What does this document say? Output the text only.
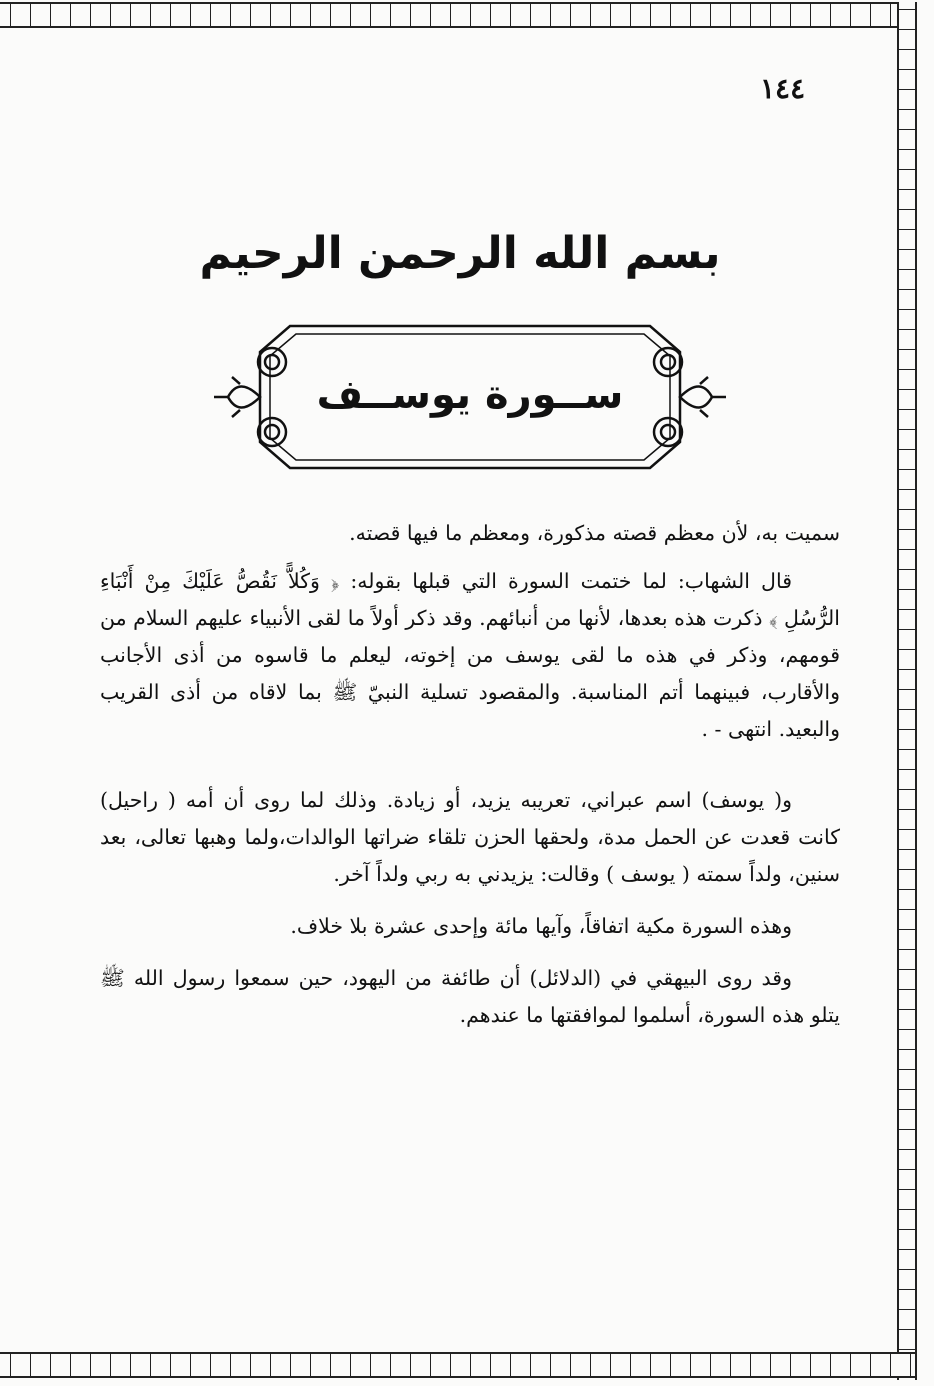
١٤٤
بسم الله الرحمن الرحيم
ســورة يوســف
سميت به، لأن معظم قصته مذكورة، ومعظم ما فيها قصته.
قال الشهاب: لما ختمت السورة التي قبلها بقوله: ﴿ وَكُلاًّ نَقُصُّ عَلَيْكَ مِنْ أَنْبَاءِ الرُّسُلِ ﴾ ذكرت هذه بعدها، لأنها من أنبائهم. وقد ذكر أولاً ما لقى الأنبياء عليهم السلام من قومهم، وذكر في هذه ما لقى يوسف من إخوته، ليعلم ما قاسوه من أذى الأجانب والأقارب، فبينهما أتم المناسبة. والمقصود تسلية النبيّ ﷺ بما لاقاه من أذى القريب والبعيد. انتهى - .
و( يوسف) اسم عبراني، تعريبه يزيد، أو زيادة. وذلك لما روى أن أمه ( راحيل) كانت قعدت عن الحمل مدة، ولحقها الحزن تلقاء ضراتها الوالدات،ولما وهبها تعالى، بعد سنين، ولداً سمته ( يوسف ) وقالت: يزيدني به ربي ولداً آخر.
وهذه السورة مكية اتفاقاً، وآيها مائة وإحدى عشرة بلا خلاف.
وقد روى البيهقي في (الدلائل) أن طائفة من اليهود، حين سمعوا رسول الله ﷺ يتلو هذه السورة، أسلموا لموافقتها ما عندهم.
